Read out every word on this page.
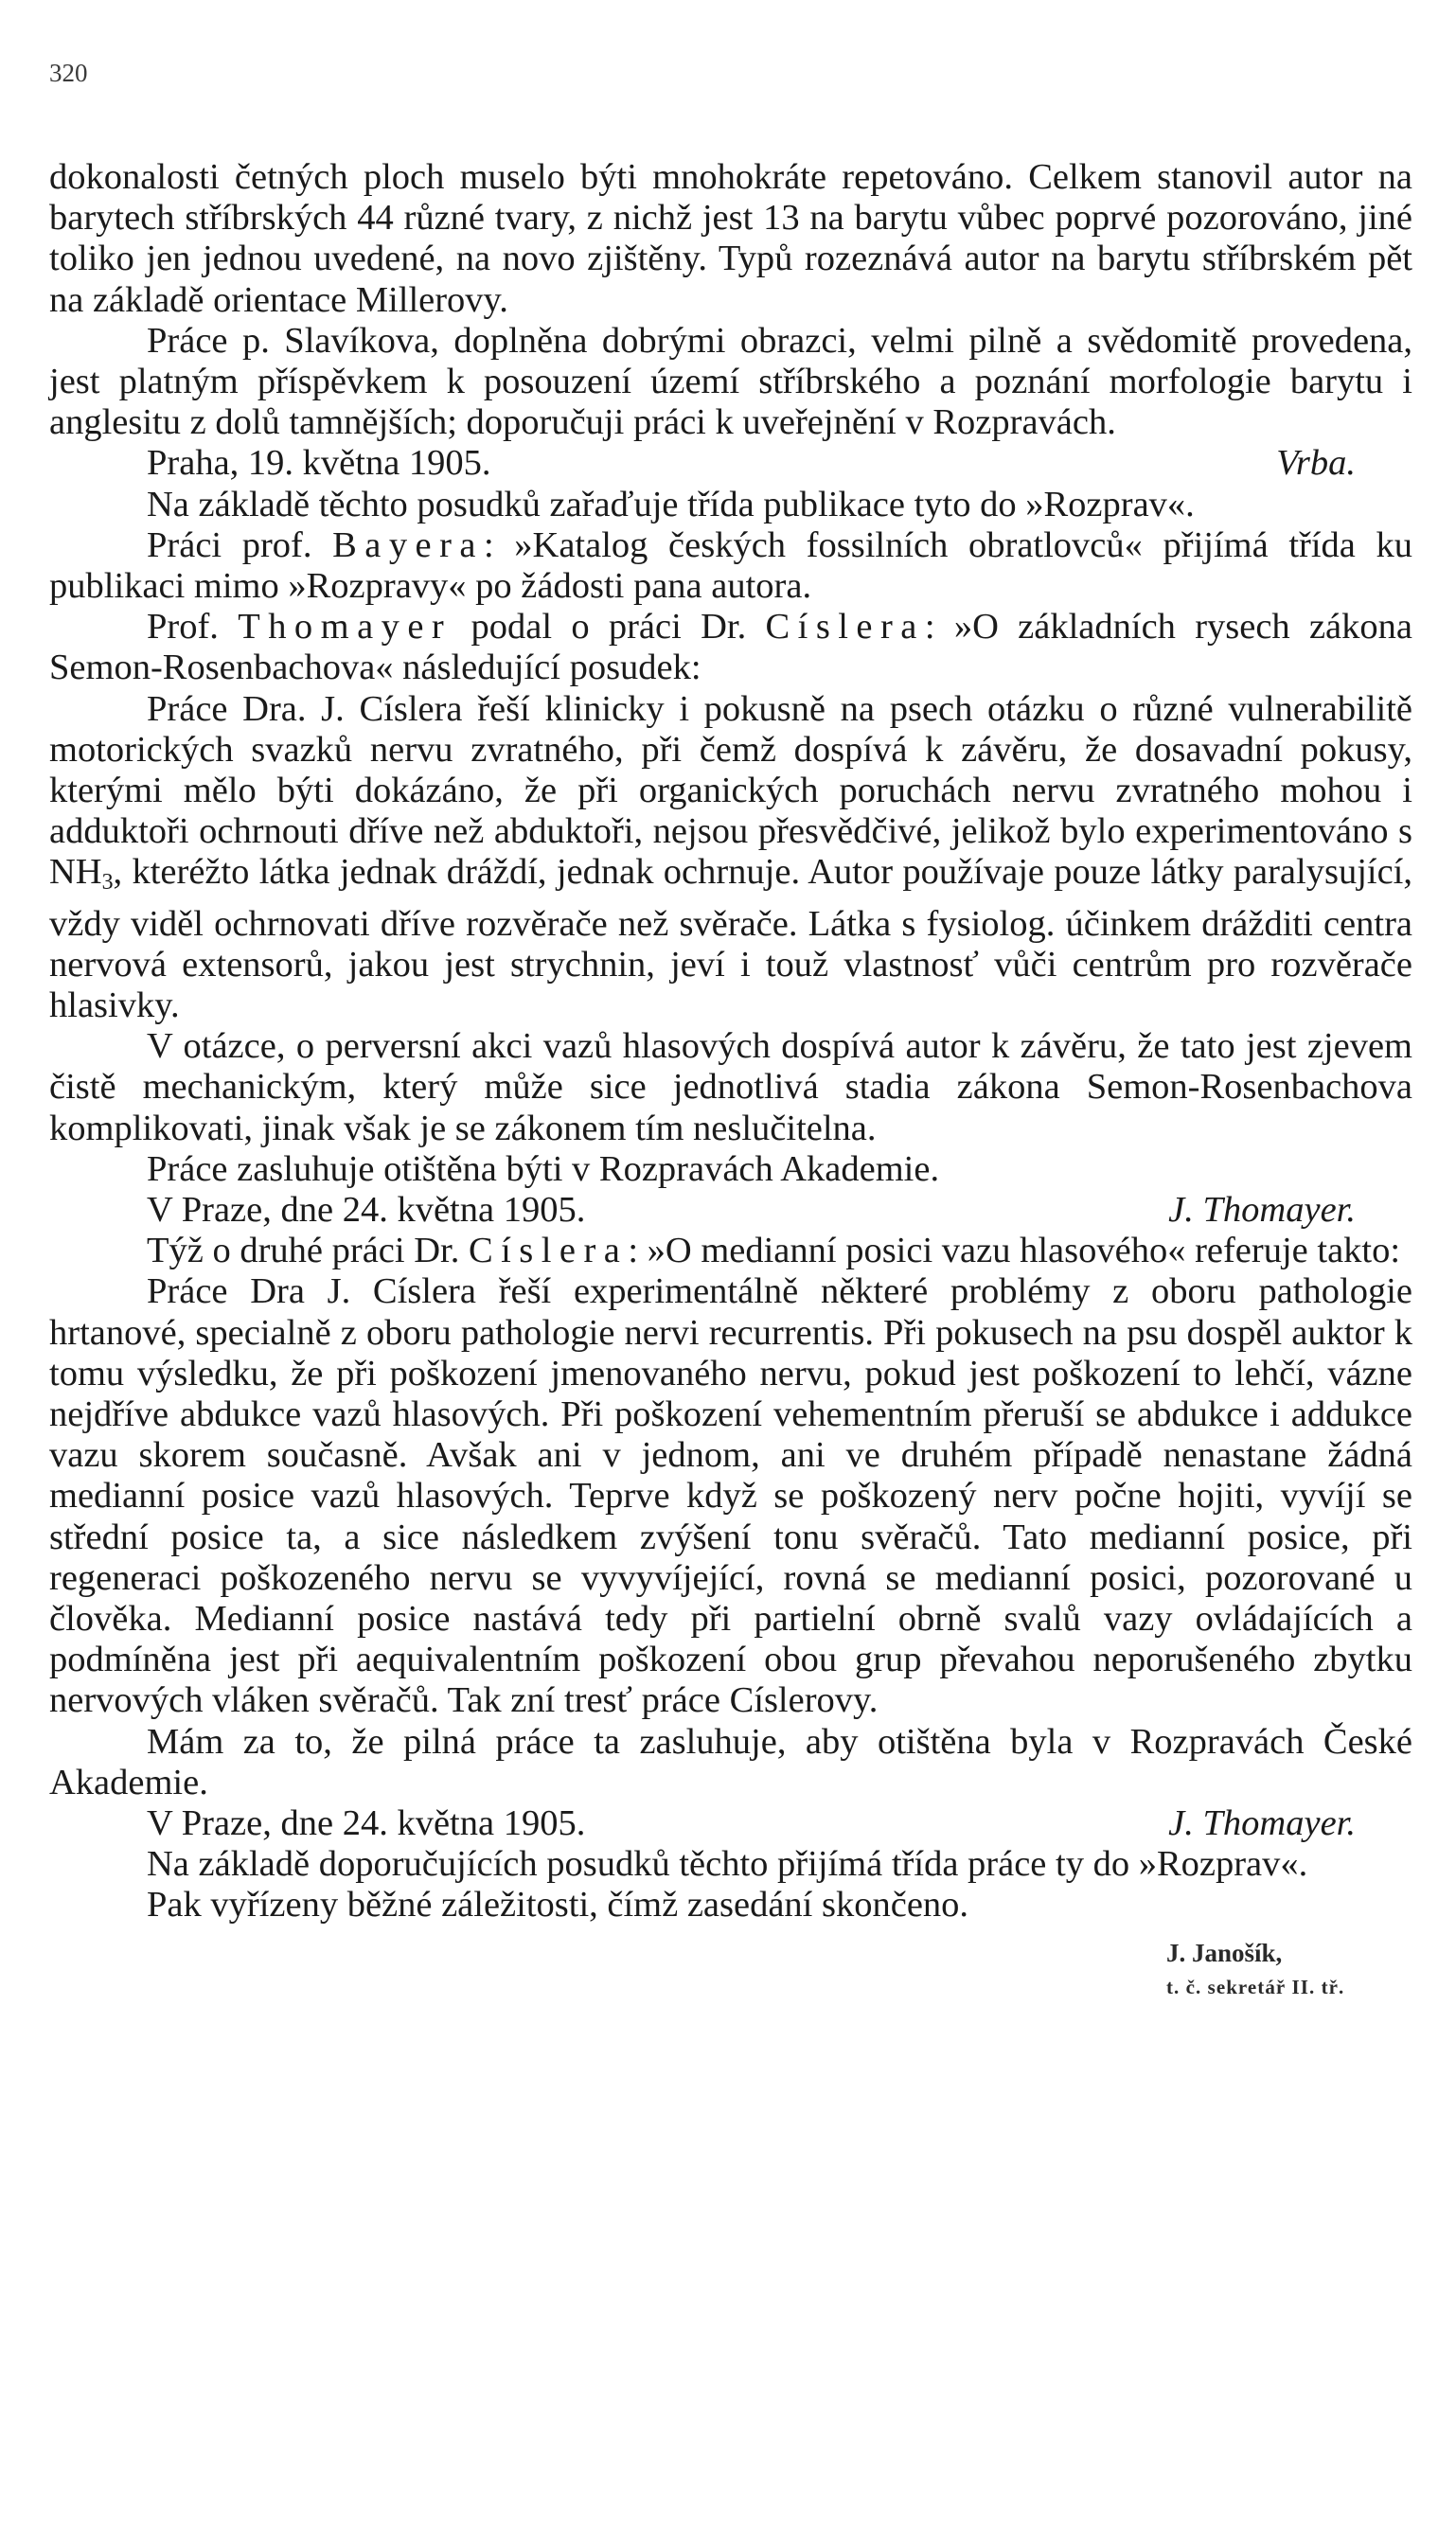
320

dokonalosti četných ploch muselo býti mnohokráte repetováno. Celkem stanovil autor na barytech stříbrských 44 různé tvary, z nichž jest 13 na barytu vůbec poprvé pozorováno, jiné toliko jen jednou uvedené, na novo zjištěny. Typů rozeznává autor na barytu stříbrském pět na základě orientace Millerovy.

Práce p. Slavíkova, doplněna dobrými obrazci, velmi pilně a svědomitě provedena, jest platným příspěvkem k posouzení území stříbrského a poznání morfologie barytu i anglesitu z dolů tamnějších; doporučuji práci k uveřejnění v Rozpravách.

Praha, 19. května 1905.	Vrba.

Na základě těchto posudků zařaďuje třída publikace tyto do »Rozprav«.

Práci prof. Bayera: »Katalog českých fossilních obratlovců« přijímá třída ku publikaci mimo »Rozpravy« po žádosti pana autora.

Prof. Thomayer podal o práci Dr. Císlera: »O základních rysech zákona Semon-Rosenbachova« následující posudek:

Práce Dra. J. Císlera řeší klinicky i pokusně na psech otázku o různé vulnerabilitě motorických svazků nervu zvratného, při čemž dospívá k závěru, že dosavadní pokusy, kterými mělo býti dokázáno, že při organických poruchách nervu zvratného mohou i adduktoři ochrnouti dříve než abduktoři, nejsou přesvědčivé, jelikož bylo experimentováno s $NH_3$, kteréžto látka jednak dráždí, jednak ochrnuje. Autor používaje pouze látky paralysující, vždy viděl ochrnovati dříve rozvěrače než svěrače. Látka s fysiolog. účinkem drážditi centra nervová extensorů, jakou jest strychnin, jeví i touž vlastnosť vůči centrům pro rozvěrače hlasivky.

V otázce, o perversní akci vazů hlasových dospívá autor k závěru, že tato jest zjevem čistě mechanickým, který může sice jednotlivá stadia zákona Semon-Rosenbachova komplikovati, jinak však je se zákonem tím neslučitelna.

Práce zasluhuje otištěna býti v Rozpravách Akademie.

V Praze, dne 24. května 1905.	J. Thomayer.

Týž o druhé práci Dr. Císlera: »O medianní posici vazu hlasového« referuje takto:

Práce Dra J. Císlera řeší experimentálně některé problémy z oboru pathologie hrtanové, specialně z oboru pathologie nervi recurrentis. Při pokusech na psu dospěl auktor k tomu výsledku, že při poškození jmenovaného nervu, pokud jest poškození to lehčí, vázne nejdříve abdukce vazů hlasových. Při poškození vehementním přeruší se abdukce i addukce vazu skorem současně. Avšak ani v jednom, ani ve druhém případě nenastane žádná medianní posice vazů hlasových. Teprve když se poškozený nerv počne hojiti, vyvíjí se střední posice ta, a sice následkem zvýšení tonu svěračů. Tato medianní posice, při regeneraci poškozeného nervu se vyvyvíjející, rovná se medianní posici, pozorované u člověka. Medianní posice nastává tedy při partielní obrně svalů vazy ovládajících a podmíněna jest při aequivalentním poškození obou grup převahou neporušeného zbytku nervových vláken svěračů. Tak zní tresť práce Císlerovy.

Mám za to, že pilná práce ta zasluhuje, aby otištěna byla v Rozpravách České Akademie.

V Praze, dne 24. května 1905.	J. Thomayer.

Na základě doporučujících posudků těchto přijímá třída práce ty do »Rozprav«.

Pak vyřízeny běžné záležitosti, čímž zasedání skončeno.

J. Janošík,
t. č. sekretář II. tř.
